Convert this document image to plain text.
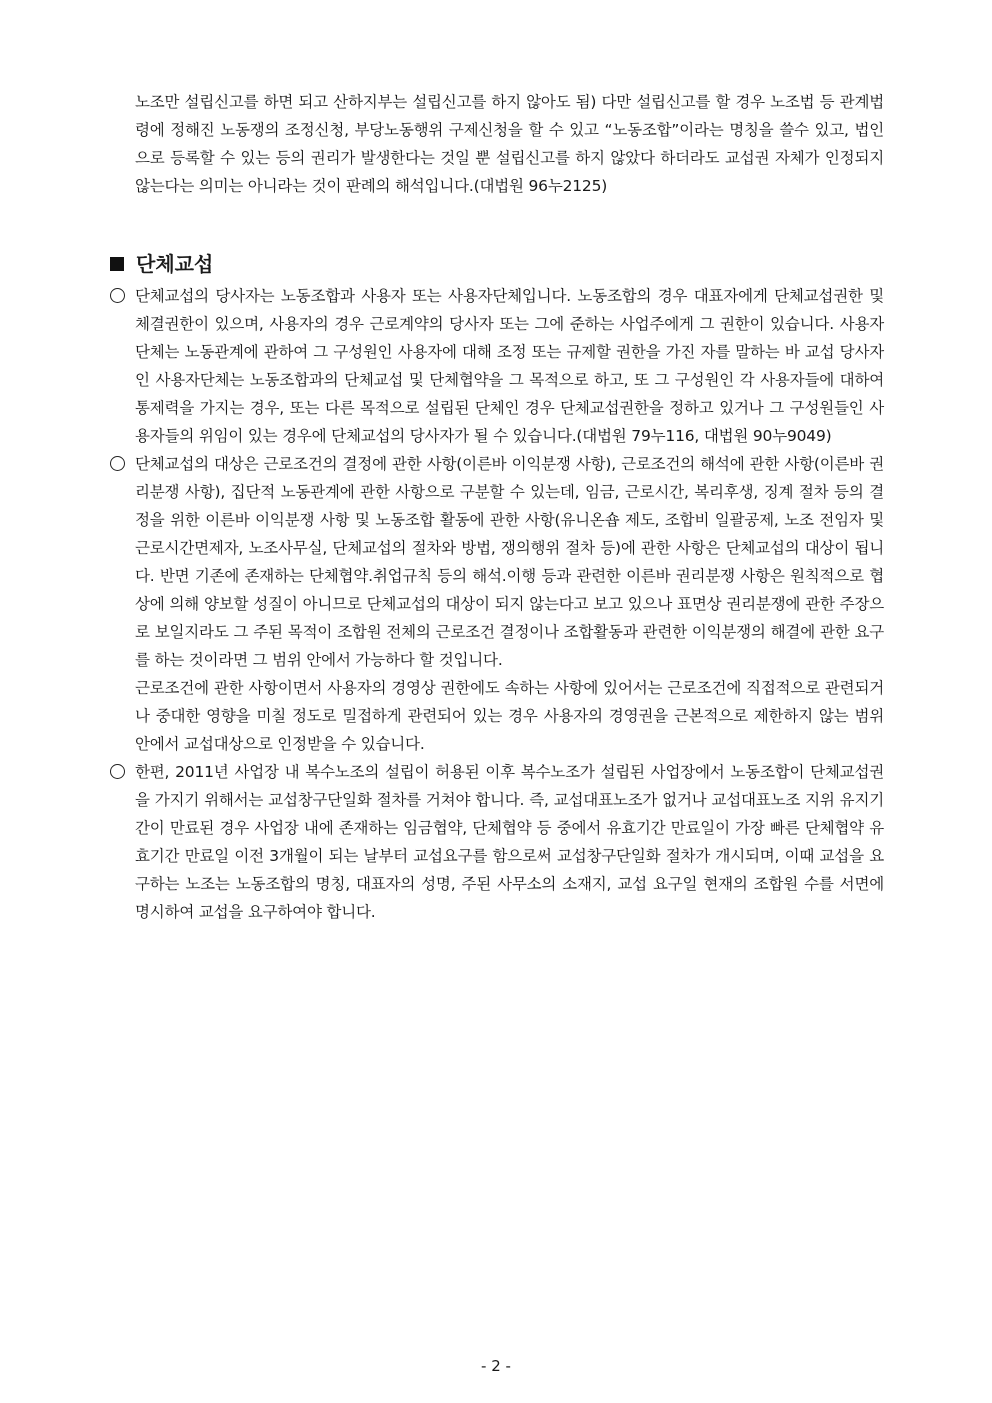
노조만 설립신고를 하면 되고 산하지부는 설립신고를 하지 않아도 됨) 다만 설립신고를 할 경우 노조법 등 관계법령에 정해진 노동쟁의 조정신청, 부당노동행위 구제신청을 할 수 있고 “노동조합”이라는 명칭을 쓸수 있고, 법인으로 등록할 수 있는 등의 권리가 발생한다는 것일 뿐 설립신고를 하지 않았다 하더라도 교섭권 자체가 인정되지 않는다는 의미는 아니라는 것이 판례의 해석입니다.(대법원 96누2125)
단체교섭

단체교섭의 당사자는 노동조합과 사용자 또는 사용자단체입니다. 노동조합의 경우 대표자에게 단체교섭권한 및 체결권한이 있으며, 사용자의 경우 근로계약의 당사자 또는 그에 준하는 사업주에게 그 권한이 있습니다. 사용자단체는 노동관계에 관하여 그 구성원인 사용자에 대해 조정 또는 규제할 권한을 가진 자를 말하는 바 교섭 당사자인 사용자단체는 노동조합과의 단체교섭 및 단체협약을 그 목적으로 하고, 또 그 구성원인 각 사용자들에 대하여 통제력을 가지는 경우, 또는 다른 목적으로 설립된 단체인 경우 단체교섭권한을 정하고 있거나 그 구성원들인 사용자들의 위임이 있는 경우에 단체교섭의 당사자가 될 수 있습니다.(대법원 79누116, 대법원 90누9049)

단체교섭의 대상은 근로조건의 결정에 관한 사항(이른바 이익분쟁 사항), 근로조건의 해석에 관한 사항(이른바 권리분쟁 사항), 집단적 노동관계에 관한 사항으로 구분할 수 있는데, 임금, 근로시간, 복리후생, 징계 절차 등의 결정을 위한 이른바 이익분쟁 사항 및 노동조합 활동에 관한 사항(유니온숍 제도, 조합비 일괄공제, 노조 전임자 및 근로시간면제자, 노조사무실, 단체교섭의 절차와 방법, 쟁의행위 절차 등)에 관한 사항은 단체교섭의 대상이 됩니다. 반면 기존에 존재하는 단체협약.취업규칙 등의 해석.이행 등과 관련한 이른바 권리분쟁 사항은 원칙적으로 협상에 의해 양보할 성질이 아니므로 단체교섭의 대상이 되지 않는다고 보고 있으나 표면상 권리분쟁에 관한 주장으로 보일지라도 그 주된 목적이 조합원 전체의 근로조건 결정이나 조합활동과 관련한 이익분쟁의 해결에 관한 요구를 하는 것이라면 그 범위 안에서 가능하다 할 것입니다.

근로조건에 관한 사항이면서 사용자의 경영상 권한에도 속하는 사항에 있어서는 근로조건에 직접적으로 관련되거나 중대한 영향을 미칠 정도로 밀접하게 관련되어 있는 경우 사용자의 경영권을 근본적으로 제한하지 않는 범위 안에서 교섭대상으로 인정받을 수 있습니다.

한편, 2011년 사업장 내 복수노조의 설립이 허용된 이후 복수노조가 설립된 사업장에서 노동조합이 단체교섭권을 가지기 위해서는 교섭창구단일화 절차를 거쳐야 합니다. 즉, 교섭대표노조가 없거나 교섭대표노조 지위 유지기간이 만료된 경우 사업장 내에 존재하는 임금협약, 단체협약 등 중에서 유효기간 만료일이 가장 빠른 단체협약 유효기간 만료일 이전 3개월이 되는 날부터 교섭요구를 함으로써 교섭창구단일화 절차가 개시되며, 이때 교섭을 요구하는 노조는 노동조합의 명칭, 대표자의 성명, 주된 사무소의 소재지, 교섭 요구일 현재의 조합원 수를 서면에 명시하여 교섭을 요구하여야 합니다.

- 2 -
